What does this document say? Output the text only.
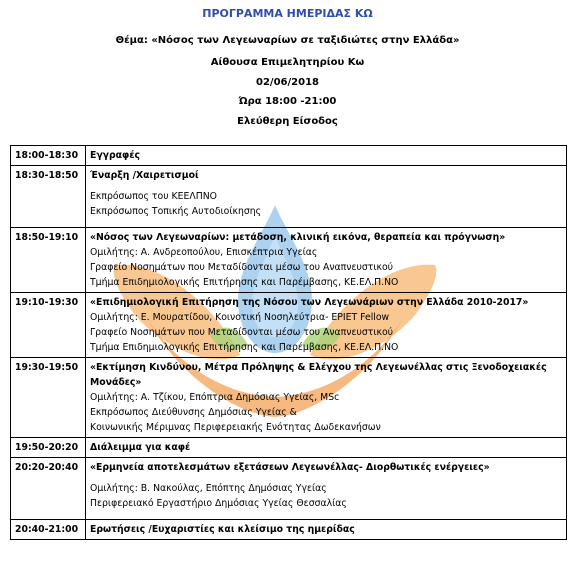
ΠΡΟΓΡΑΜΜΑ ΗΜΕΡΙΔΑΣ ΚΩ
Θέμα: «Νόσος των Λεγεωναρίων σε ταξιδιώτες στην Ελλάδα»
Αίθουσα Επιμελητηρίου Κω
02/06/2018
Ώρα 18:00 -21:00
Ελεύθερη Είσοδος
18:00-18:30	Εγγραφές

18:30-18:50	Έναρξη /Χαιρετισμοί
Εκπρόσωπος του ΚΕΕΛΠΝΟ
Εκπρόσωπος Τοπικής Αυτοδιοίκησης

18:50-19:10	«Νόσος των Λεγεωναρίων: μετάδοση, κλινική εικόνα, θεραπεία και πρόγνωση»
Ομιλήτης: Α. Ανδρεοπούλου, Επισκέπτρια Υγείας
Γραφείο Νοσημάτων που Μεταδίδονται μέσω του Αναπνευστικού
Τμήμα Επιδημιολογικής Επιτήρησης και Παρέμβασης, ΚΕ.ΕΛ.Π.ΝΟ

19:10-19:30	«Επιδημιολογική Επιτήρηση της Νόσου των Λεγεωνάριων στην Ελλάδα 2010-2017»
Ομιλήτης: Ε. Μουρατίδου, Κοινοτική Νοσηλεύτρια- EPIET Fellow
Γραφείο Νοσημάτων που Μεταδίδονται μέσω του Αναπνευστικού
Τμήμα Επιδημιολογικής Επιτήρησης και Παρέμβασης, ΚΕ.ΕΛ.Π.ΝΟ

19:30-19:50	«Εκτίμηση Κινδύνου, Μέτρα Πρόληψης & Ελέγχου της Λεγεωνέλλας στις Ξενοδοχειακές Μονάδες»
Ομιλήτης: Α. Τζίκου, Επόπτρια Δημόσιας Υγείας, MSc
Εκπρόσωπος Διεύθυνσης Δημόσιας Υγείας &
Κοινωνικής Μέριμνας Περιφερειακής Ενότητας Δωδεκανήσων

19:50-20:20	Διάλειμμα για καφέ

20:20-20:40	«Ερμηνεία αποτελεσμάτων εξετάσεων Λεγεωνέλλας- Διορθωτικές ενέργειες»
Ομιλήτης: Β. Νακούλας, Επόπτης Δημόσιας Υγείας
Περιφερειακό Εργαστήριο Δημόσιας Υγείας Θεσσαλίας

20:40-21:00	Ερωτήσεις /Ευχαριστίες και κλείσιμο της ημερίδας
